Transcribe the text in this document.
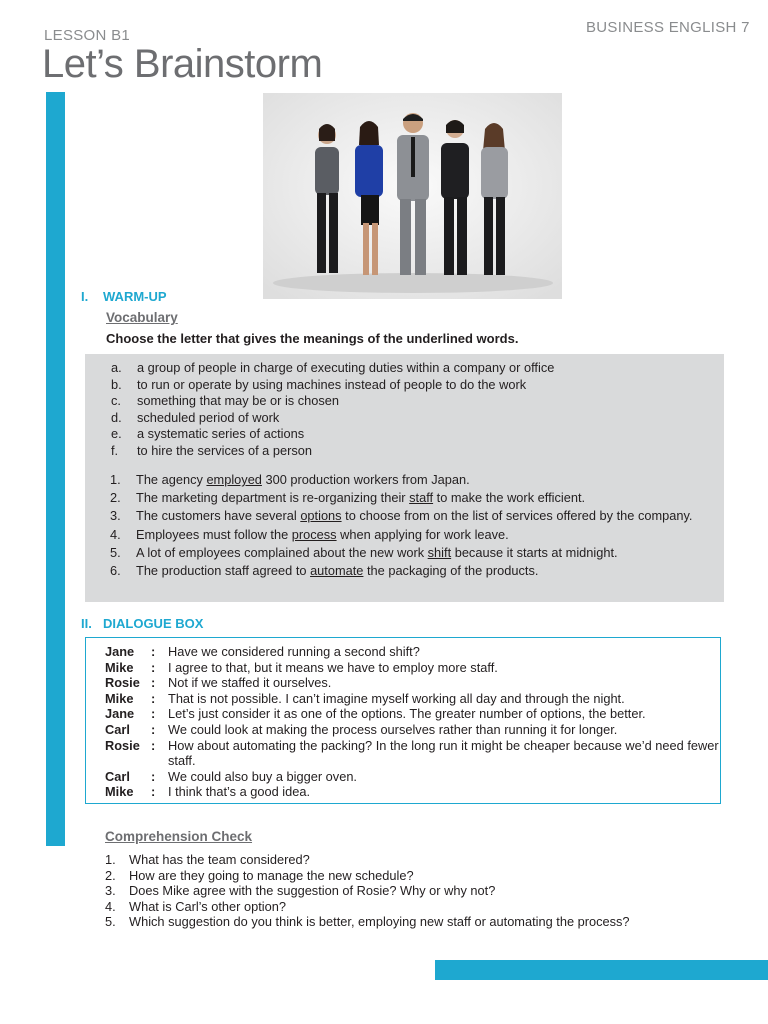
LESSON B1	BUSINESS ENGLISH 7
Let’s Brainstorm
I. WARM-UP
Vocabulary
Choose the letter that gives the meanings of the underlined words.
a. a group of people in charge of executing duties within a company or office
b. to run or operate by using machines instead of people to do the work
c. something that may be or is chosen
d. scheduled period of work
e. a systematic series of actions
f. to hire the services of a person
1. The agency employed 300 production workers from Japan.
2. The marketing department is re-organizing their staff to make the work efficient.
3. The customers have several options to choose from on the list of services offered by the company.
4. Employees must follow the process when applying for work leave.
5. A lot of employees complained about the new work shift because it starts at midnight.
6. The production staff agreed to automate the packaging of the products.
II. DIALOGUE BOX
Jane	: Have we considered running a second shift?
Mike	: I agree to that, but it means we have to employ more staff.
Rosie : Not if we staffed it ourselves.
Mike	: That is not possible. I can’t imagine myself working all day and through the night.
Jane	: Let’s just consider it as one of the options. The greater number of options, the better.
Carl	: We could look at making the process ourselves rather than running it for longer.
Rosie : How about automating the packing? In the long run it might be cheaper because we’d need fewer staff.
Carl	: We could also buy a bigger oven.
Mike	: I think that’s a good idea.
Comprehension Check
1. What has the team considered?
2. How are they going to manage the new schedule?
3. Does Mike agree with the suggestion of Rosie? Why or why not?
4. What is Carl’s other option?
5. Which suggestion do you think is better, employing new staff or automating the process?
